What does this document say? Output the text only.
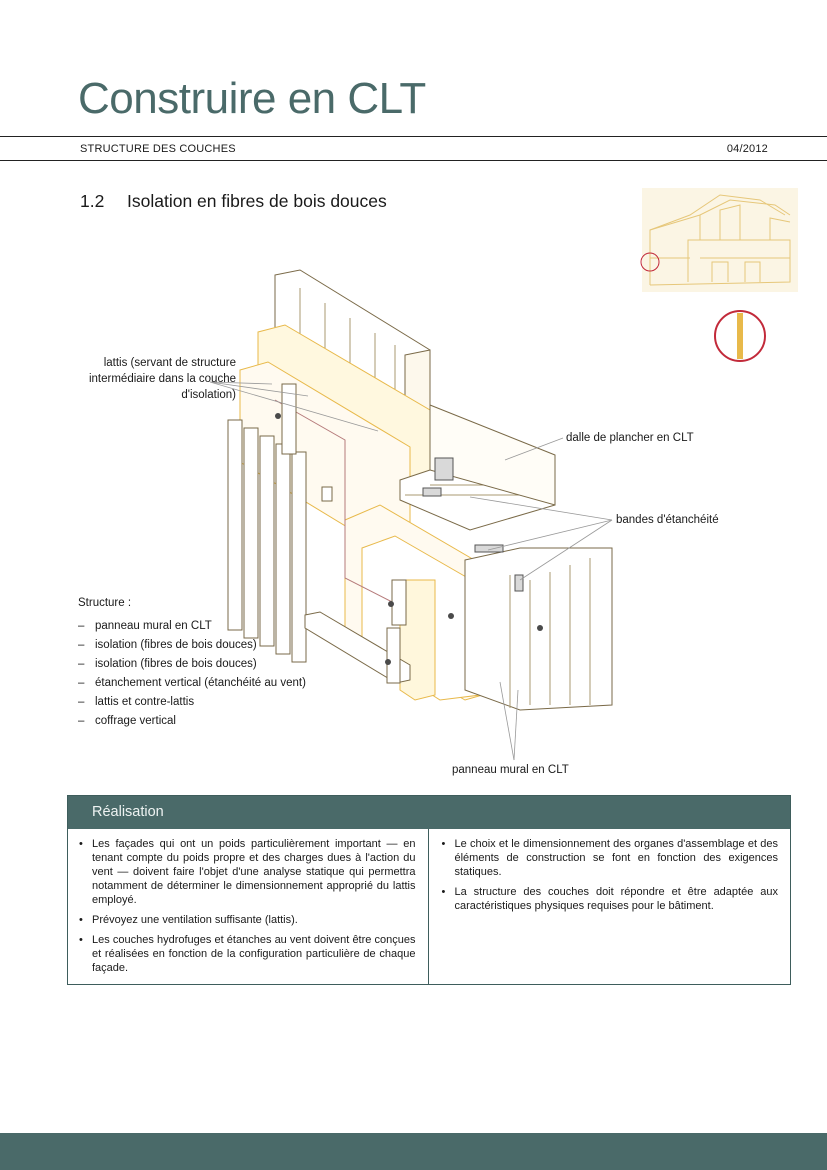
Construire en CLT
STRUCTURE DES COUCHES	04/2012
1.2 Isolation en fibres de bois douces
lattis (servant de structure intermédiaire dans la couche d'isolation)
dalle de plancher en CLT
bandes d'étanchéité
panneau mural en CLT
Structure :
– panneau mural en CLT
– isolation (fibres de bois douces)
– isolation (fibres de bois douces)
– étanchement vertical (étanchéité au vent)
– lattis et contre-lattis
– coffrage vertical
Réalisation
• Les façades qui ont un poids particulièrement important — en tenant compte du poids propre et des charges dues à l'action du vent — doivent faire l'objet d'une analyse statique qui permettra notamment de déterminer le dimensionnement approprié du lattis employé.
• Prévoyez une ventilation suffisante (lattis).
• Les couches hydrofuges et étanches au vent doivent être conçues et réalisées en fonction de la configuration particulière de chaque façade.
• Le choix et le dimensionnement des organes d'assemblage et des éléments de construction se font en fonction des exigences statiques.
• La structure des couches doit répondre et être adaptée aux caractéristiques physiques requises pour le bâtiment.
